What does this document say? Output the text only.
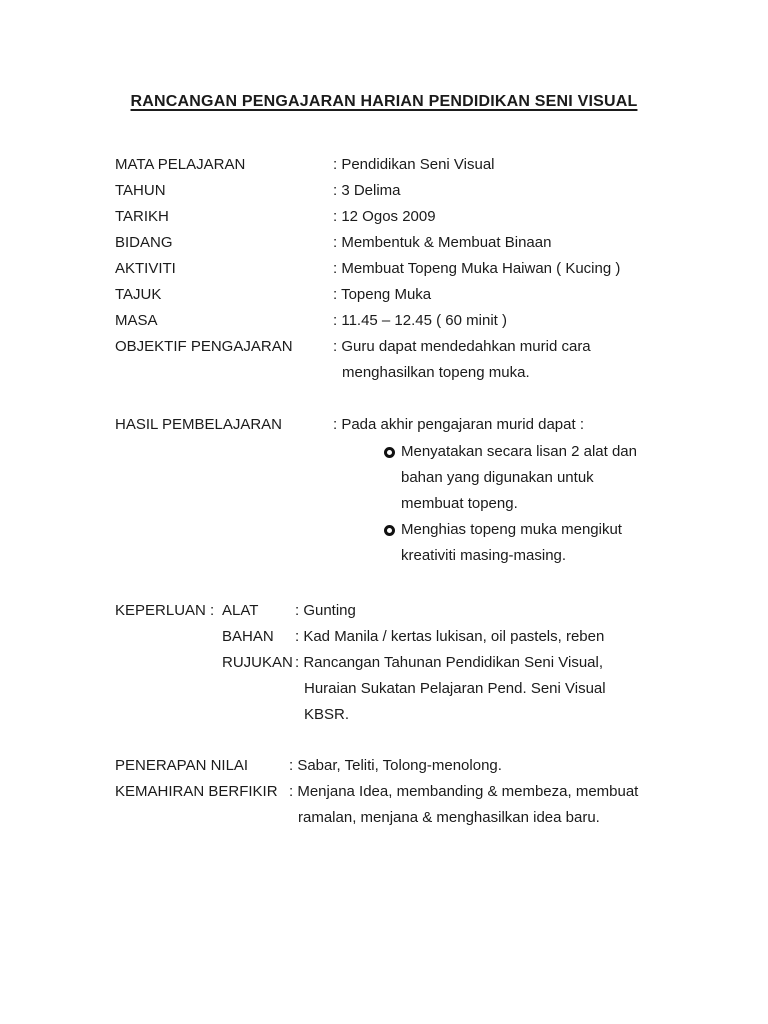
RANCANGAN PENGAJARAN HARIAN PENDIDIKAN SENI VISUAL
MATA PELAJARAN	: Pendidikan Seni Visual
TAHUN	: 3 Delima
TARIKH	: 12 Ogos 2009
BIDANG	: Membentuk & Membuat Binaan
AKTIVITI	: Membuat Topeng Muka Haiwan ( Kucing )
TAJUK	: Topeng Muka
MASA	: 11.45 – 12.45 ( 60 minit )
OBJEKTIF PENGAJARAN	: Guru dapat mendedahkan murid cara
menghasilkan topeng muka.
HASIL PEMBELAJARAN	: Pada akhir pengajaran murid dapat :
Menyatakan secara lisan 2 alat dan
bahan yang digunakan untuk
membuat topeng.
Menghias topeng muka mengikut
kreativiti masing-masing.
KEPERLUAN : ALAT	: Gunting
BAHAN	: Kad Manila / kertas lukisan, oil pastels, reben
RUJUKAN : Rancangan Tahunan Pendidikan Seni Visual,
Huraian Sukatan Pelajaran Pend. Seni Visual
KBSR.
PENERAPAN NILAI	: Sabar, Teliti, Tolong-menolong.
KEMAHIRAN BERFIKIR : Menjana Idea, membanding & membeza, membuat
ramalan, menjana & menghasilkan idea baru.
